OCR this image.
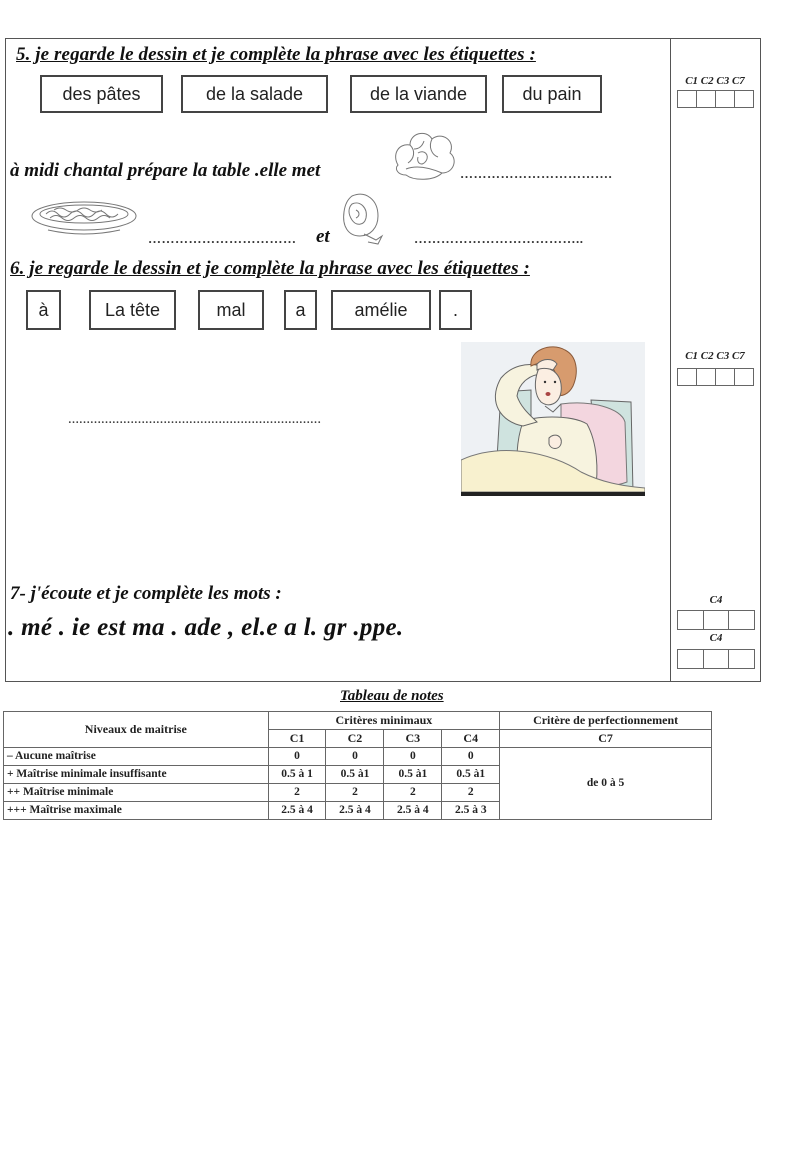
5. je regarde le dessin et je complète la phrase avec les étiquettes :
des pâtes	de la salade	de la viande	du pain
C1 C2 C3 C7
à midi chantal prépare la table .elle met	…………………………….
……………………………	et	………………………………..
6. je regarde le dessin et je complète la phrase avec les étiquettes :
à	La tête	mal	a	amélie	.
……………………………………………………………
C1 C2 C3 C7
7- j'écoute et je complète les mots :
. mé . ie est ma . ade , el.e a l. gr .ppe.
C4
C4
Tableau de notes
Niveaux de maitrise	Critères minimaux				Critère de perfectionnement
	C1	C2	C3	C4	C7
– Aucune maîtrise	0	0	0	0	de 0 à 5
+ Maîtrise minimale insuffisante	0.5 à 1	0.5 à1	0.5 à1	0.5 à1	
++ Maîtrise minimale	2	2	2	2	
+++ Maîtrise maximale	2.5 à 4	2.5 à 4	2.5 à 4	2.5 à 3	
